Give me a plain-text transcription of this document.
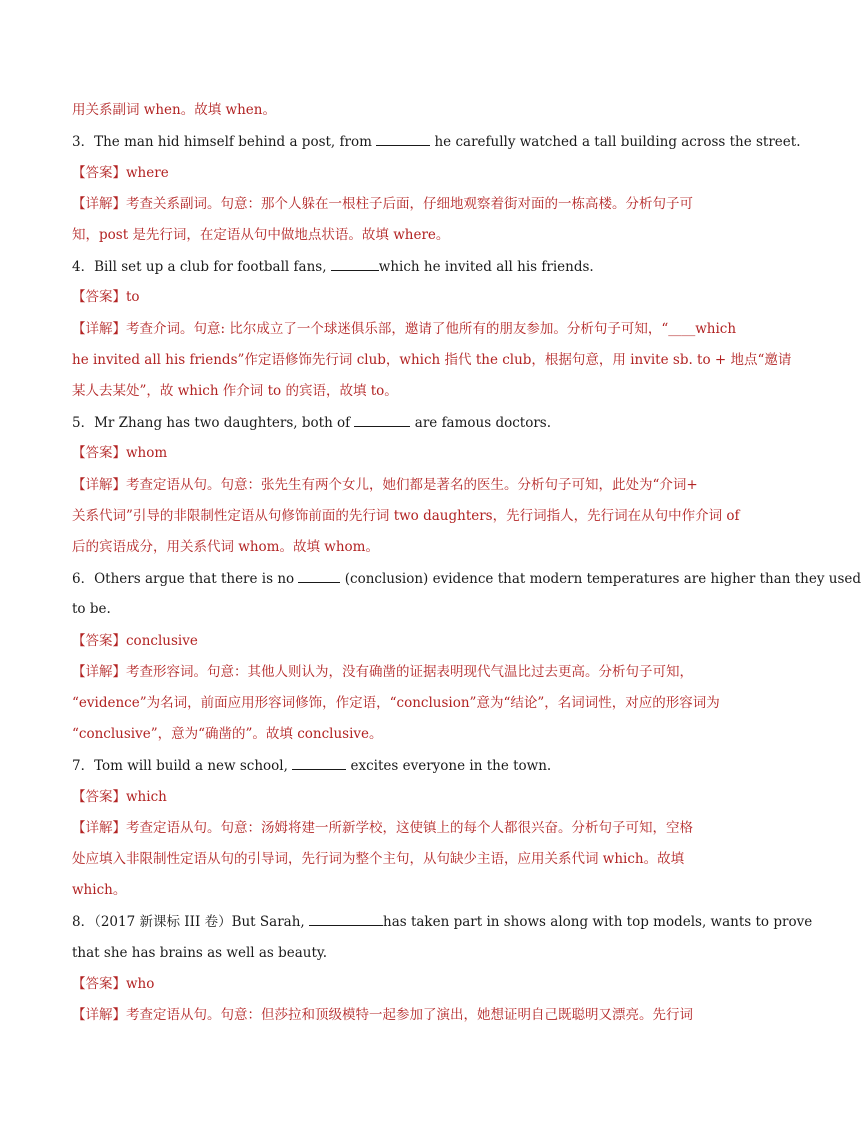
用关系副词 when。故填 when。
3．The man hid himself behind a post, from	he carefully watched a tall building across the street.
【答案】where
【详解】考查关系副词。句意：那个人躲在一根柱子后面，仔细地观察着街对面的一栋高楼。分析句子可
知，post 是先行词，在定语从句中做地点状语。故填 where。
4．Bill set up a club for football fans,	which he invited all his friends.
【答案】to
【详解】考查介词。句意: 比尔成立了一个球迷俱乐部，邀请了他所有的朋友参加。分析句子可知，“____which
he invited all his friends”作定语修饰先行词 club，which 指代 the club，根据句意，用 invite sb. to + 地点“邀请
某人去某处”，故 which 作介词 to 的宾语，故填 to。
5．Mr Zhang has two daughters, both of	are famous doctors.
【答案】whom
【详解】考查定语从句。句意：张先生有两个女儿，她们都是著名的医生。分析句子可知，此处为“介词+
关系代词”引导的非限制性定语从句修饰前面的先行词 two daughters，先行词指人，先行词在从句中作介词 of
后的宾语成分，用关系代词 whom。故填 whom。
6．Others argue that there is no	(conclusion) evidence that modern temperatures are higher than they used
to be.
【答案】conclusive
【详解】考查形容词。句意：其他人则认为，没有确凿的证据表明现代气温比过去更高。分析句子可知，
“evidence”为名词，前面应用形容词修饰，作定语，“conclusion”意为“结论”，名词词性，对应的形容词为
“conclusive”，意为“确凿的”。故填 conclusive。
7．Tom will build a new school,	excites everyone in the town.
【答案】which
【详解】考查定语从句。句意：汤姆将建一所新学校，这使镇上的每个人都很兴奋。分析句子可知，空格
处应填入非限制性定语从句的引导词，先行词为整个主句，从句缺少主语，应用关系代词 which。故填
which。
8．（2017 新课标 III 卷）But Sarah,	has taken part in shows along with top models, wants to prove
that she has brains as well as beauty.
【答案】who
【详解】考查定语从句。句意：但莎拉和顶级模特一起参加了演出，她想证明自己既聪明又漂亮。先行词
